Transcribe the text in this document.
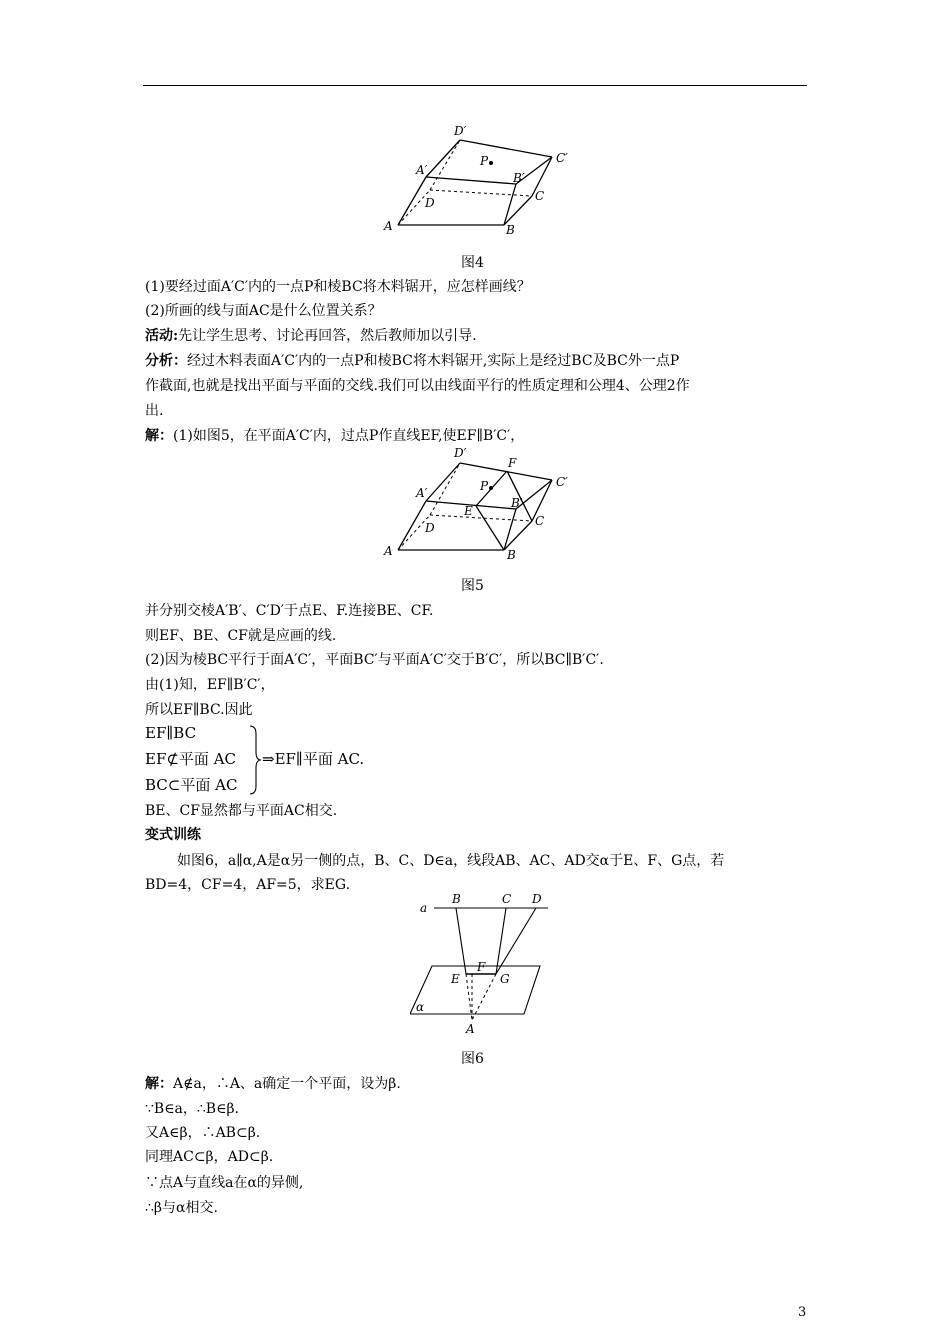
D′
C′
A′
P
B′
C
D
A	B
图4
(1)要经过面A′C′内的一点P和棱BC将木料锯开，应怎样画线？
(2)所画的线与面AC是什么位置关系？
活动:先让学生思考、讨论再回答，然后教师加以引导.
分析：经过木料表面A′C′内的一点P和棱BC将木料锯开,实际上是经过BC及BC外一点P
作截面,也就是找出平面与平面的交线.我们可以由线面平行的性质定理和公理4、公理2作
出.
解：(1)如图5，在平面A′C′内，过点P作直线EF,使EF∥B′C′，
D′
F
C′
A′	P
B′
E
C
D
A	B
图5
并分别交棱A′B′、C′D′于点E、F.连接BE、CF.
则EF、BE、CF就是应画的线.
(2)因为棱BC平行于面A′C′，平面BC′与平面A′C′交于B′C′，所以BC∥B′C′.
由(1)知，EF∥B′C′，
所以EF∥BC.因此
EF∥BC
EF⊄平面 AC
BC⊂平面 AC
⇒EF∥平面 AC.
BE、CF显然都与平面AC相交.
变式训练
如图6，a∥α,A是α另一侧的点，B、C、D∈a，线段AB、AC、AD交α于E、F、G点，若
BD=4，CF=4，AF=5，求EG.
a
B	C D
E
F
G
α
A
图6
解：A∉a，∴A、a确定一个平面，设为β.
∵B∈a，∴B∈β.
又A∈β，∴AB⊂β.
同理AC⊂β，AD⊂β.
∵点A与直线a在α的异侧,
∴β与α相交.
3
